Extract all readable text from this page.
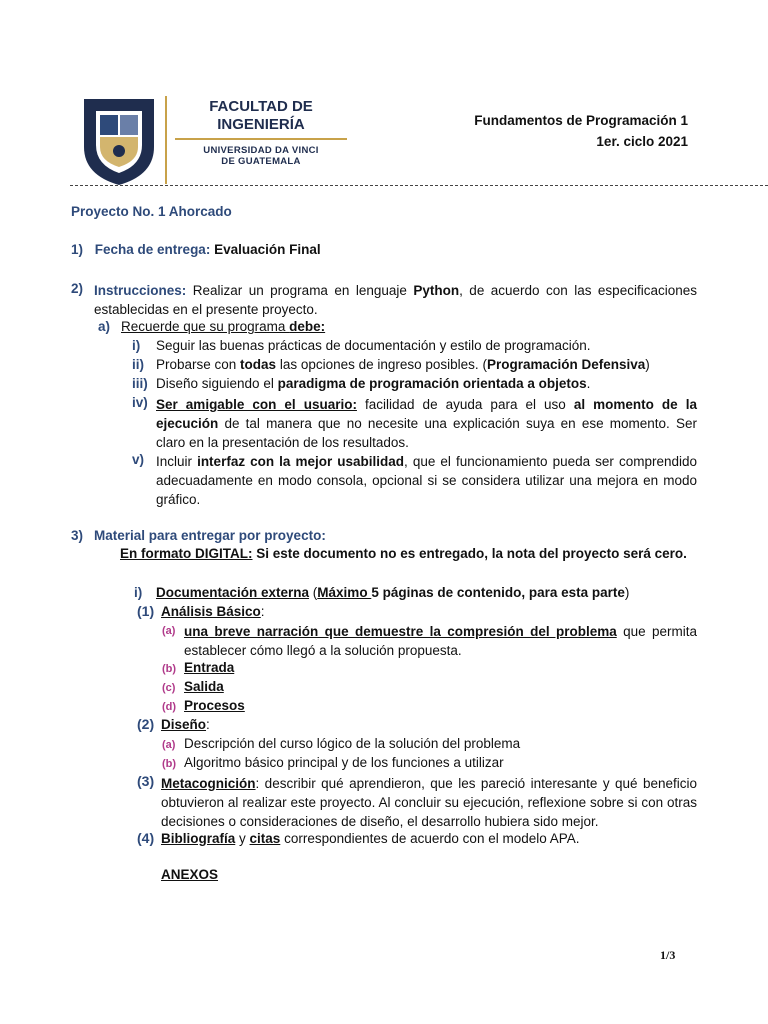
FACULTAD DE
INGENIERÍA
UNIVERSIDAD DA VINCI
DE GUATEMALA
Fundamentos de Programación 1
1er. ciclo 2021
Proyecto No. 1 Ahorcado
1) Fecha de entrega: Evaluación Final
2) Instrucciones: Realizar un programa en lenguaje Python, de acuerdo con las especificaciones establecidas en el presente proyecto.
a) Recuerde que su programa debe:
i) Seguir las buenas prácticas de documentación y estilo de programación.
ii) Probarse con todas las opciones de ingreso posibles. (Programación Defensiva)
iii) Diseño siguiendo el paradigma de programación orientada a objetos.
iv) Ser amigable con el usuario: facilidad de ayuda para el uso al momento de la ejecución de tal manera que no necesite una explicación suya en ese momento. Ser claro en la presentación de los resultados.
v) Incluir interfaz con la mejor usabilidad, que el funcionamiento pueda ser comprendido adecuadamente en modo consola, opcional si se considera utilizar una mejora en modo gráfico.
3) Material para entregar por proyecto:
En formato DIGITAL: Si este documento no es entregado, la nota del proyecto será cero.
i) Documentación externa (Máximo 5 páginas de contenido, para esta parte)
(1) Análisis Básico:
(a) una breve narración que demuestre la compresión del problema que permita establecer cómo llegó a la solución propuesta.
(b) Entrada
(c) Salida
(d) Procesos
(2) Diseño:
(a) Descripción del curso lógico de la solución del problema
(b) Algoritmo básico principal y de los funciones a utilizar
(3) Metacognición: describir qué aprendieron, que les pareció interesante y qué beneficio obtuvieron al realizar este proyecto. Al concluir su ejecución, reflexione sobre si con otras decisiones o consideraciones de diseño, el desarrollo hubiera sido mejor.
(4) Bibliografía y citas correspondientes de acuerdo con el modelo APA.
ANEXOS
1/3
